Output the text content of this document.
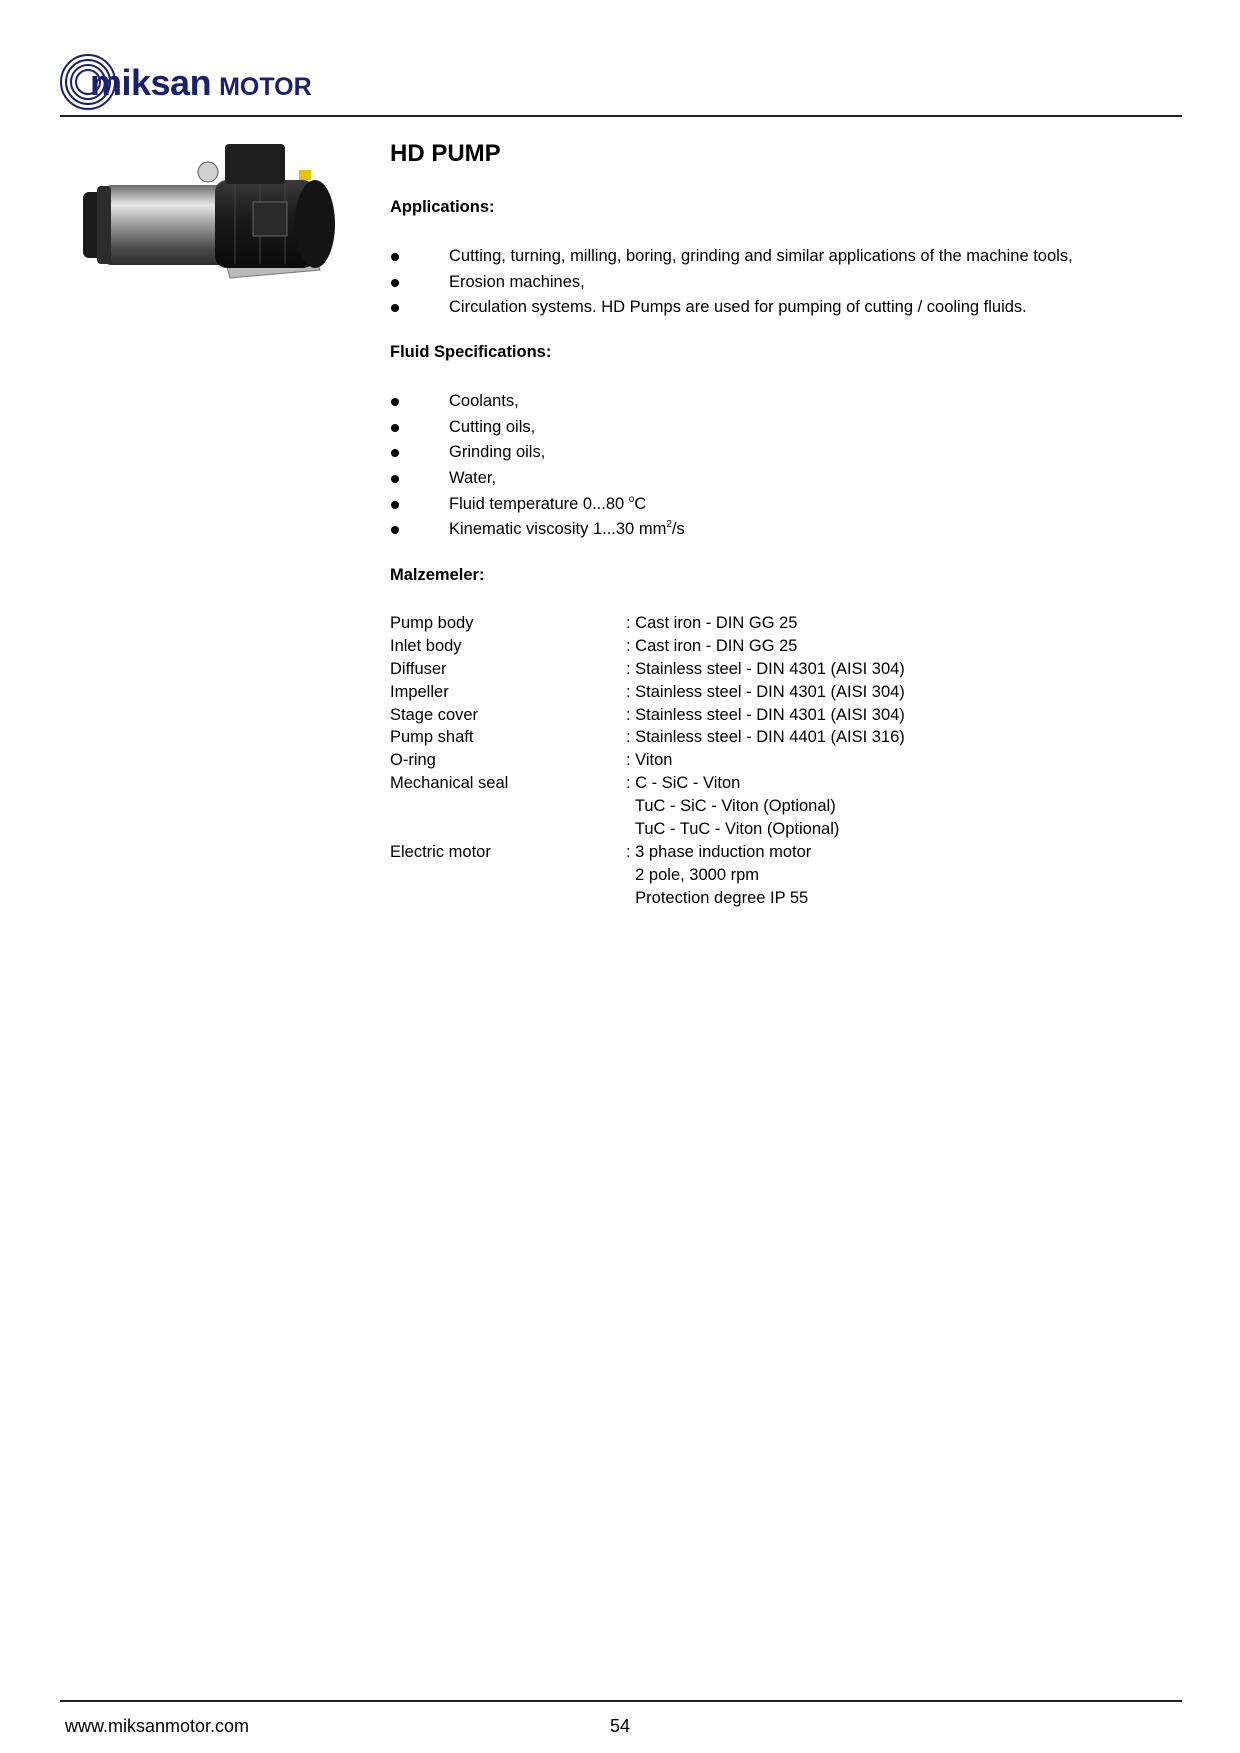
miksan MOTOR
HD PUMP
Applications:
Cutting, turning, milling, boring, grinding and similar applications of the machine tools,
Erosion machines,
Circulation systems. HD Pumps are used for pumping of cutting / cooling fluids.
Fluid Specifications:
Coolants,
Cutting oils,
Grinding oils,
Water,
Fluid temperature 0...80 $^o$C
Kinematic viscosity 1...30 $mm^2/s$
Malzemeler:
Pump body	: Cast iron - DIN GG 25
Inlet body	: Cast iron - DIN GG 25
Diffuser	: Stainless steel - DIN 4301 (AISI 304)
Impeller	: Stainless steel - DIN 4301 (AISI 304)
Stage cover	: Stainless steel - DIN 4301 (AISI 304)
Pump shaft	: Stainless steel - DIN 4401 (AISI 316)
O-ring	: Viton
Mechanical seal	: C - SiC - Viton
TuC - SiC - Viton (Optional)
TuC - TuC - Viton (Optional)
Electric motor	: 3 phase induction motor
2 pole, 3000 rpm
Protection degree IP 55
www.miksanmotor.com	54
